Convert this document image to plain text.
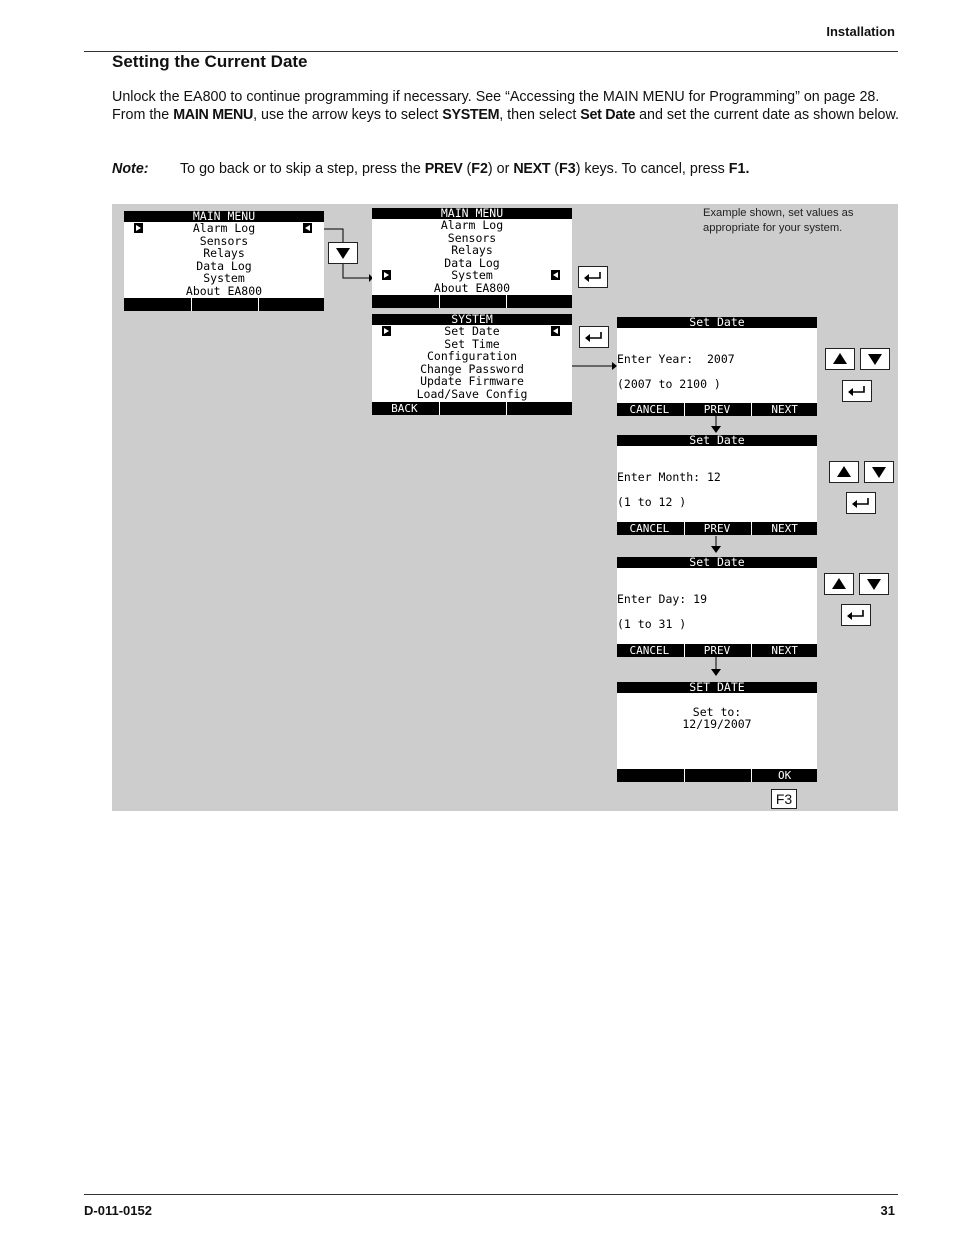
Installation
Setting the Current Date
Unlock the EA800 to continue programming if necessary. See “Accessing the MAIN MENU for Programming” on page 28. From the MAIN MENU, use the arrow keys to select SYSTEM, then select Set Date and set the current date as shown below.
Note: To go back or to skip a step, press the PREV (F2) or NEXT (F3) keys. To cancel, press F1.
Example shown, set values as appropriate for your system.
MAIN MENU
Alarm Log
Sensors
Relays
Data Log
System
About EA800
MAIN MENU
Alarm Log
Sensors
Relays
Data Log
System
About EA800
SYSTEM
Set Date
Set Time
Configuration
Change Password
Update Firmware
Load/Save Config
BACK
Set Date
Enter Year:  2007
(2007 to 2100 )
CANCEL	PREV	NEXT
Set Date
Enter Month: 12
(1 to 12 )
CANCEL	PREV	NEXT
Set Date
Enter Day: 19
(1 to 31 )
CANCEL	PREV	NEXT
SET DATE
Set to:
12/19/2007
OK
F3
D-011-0152	31
